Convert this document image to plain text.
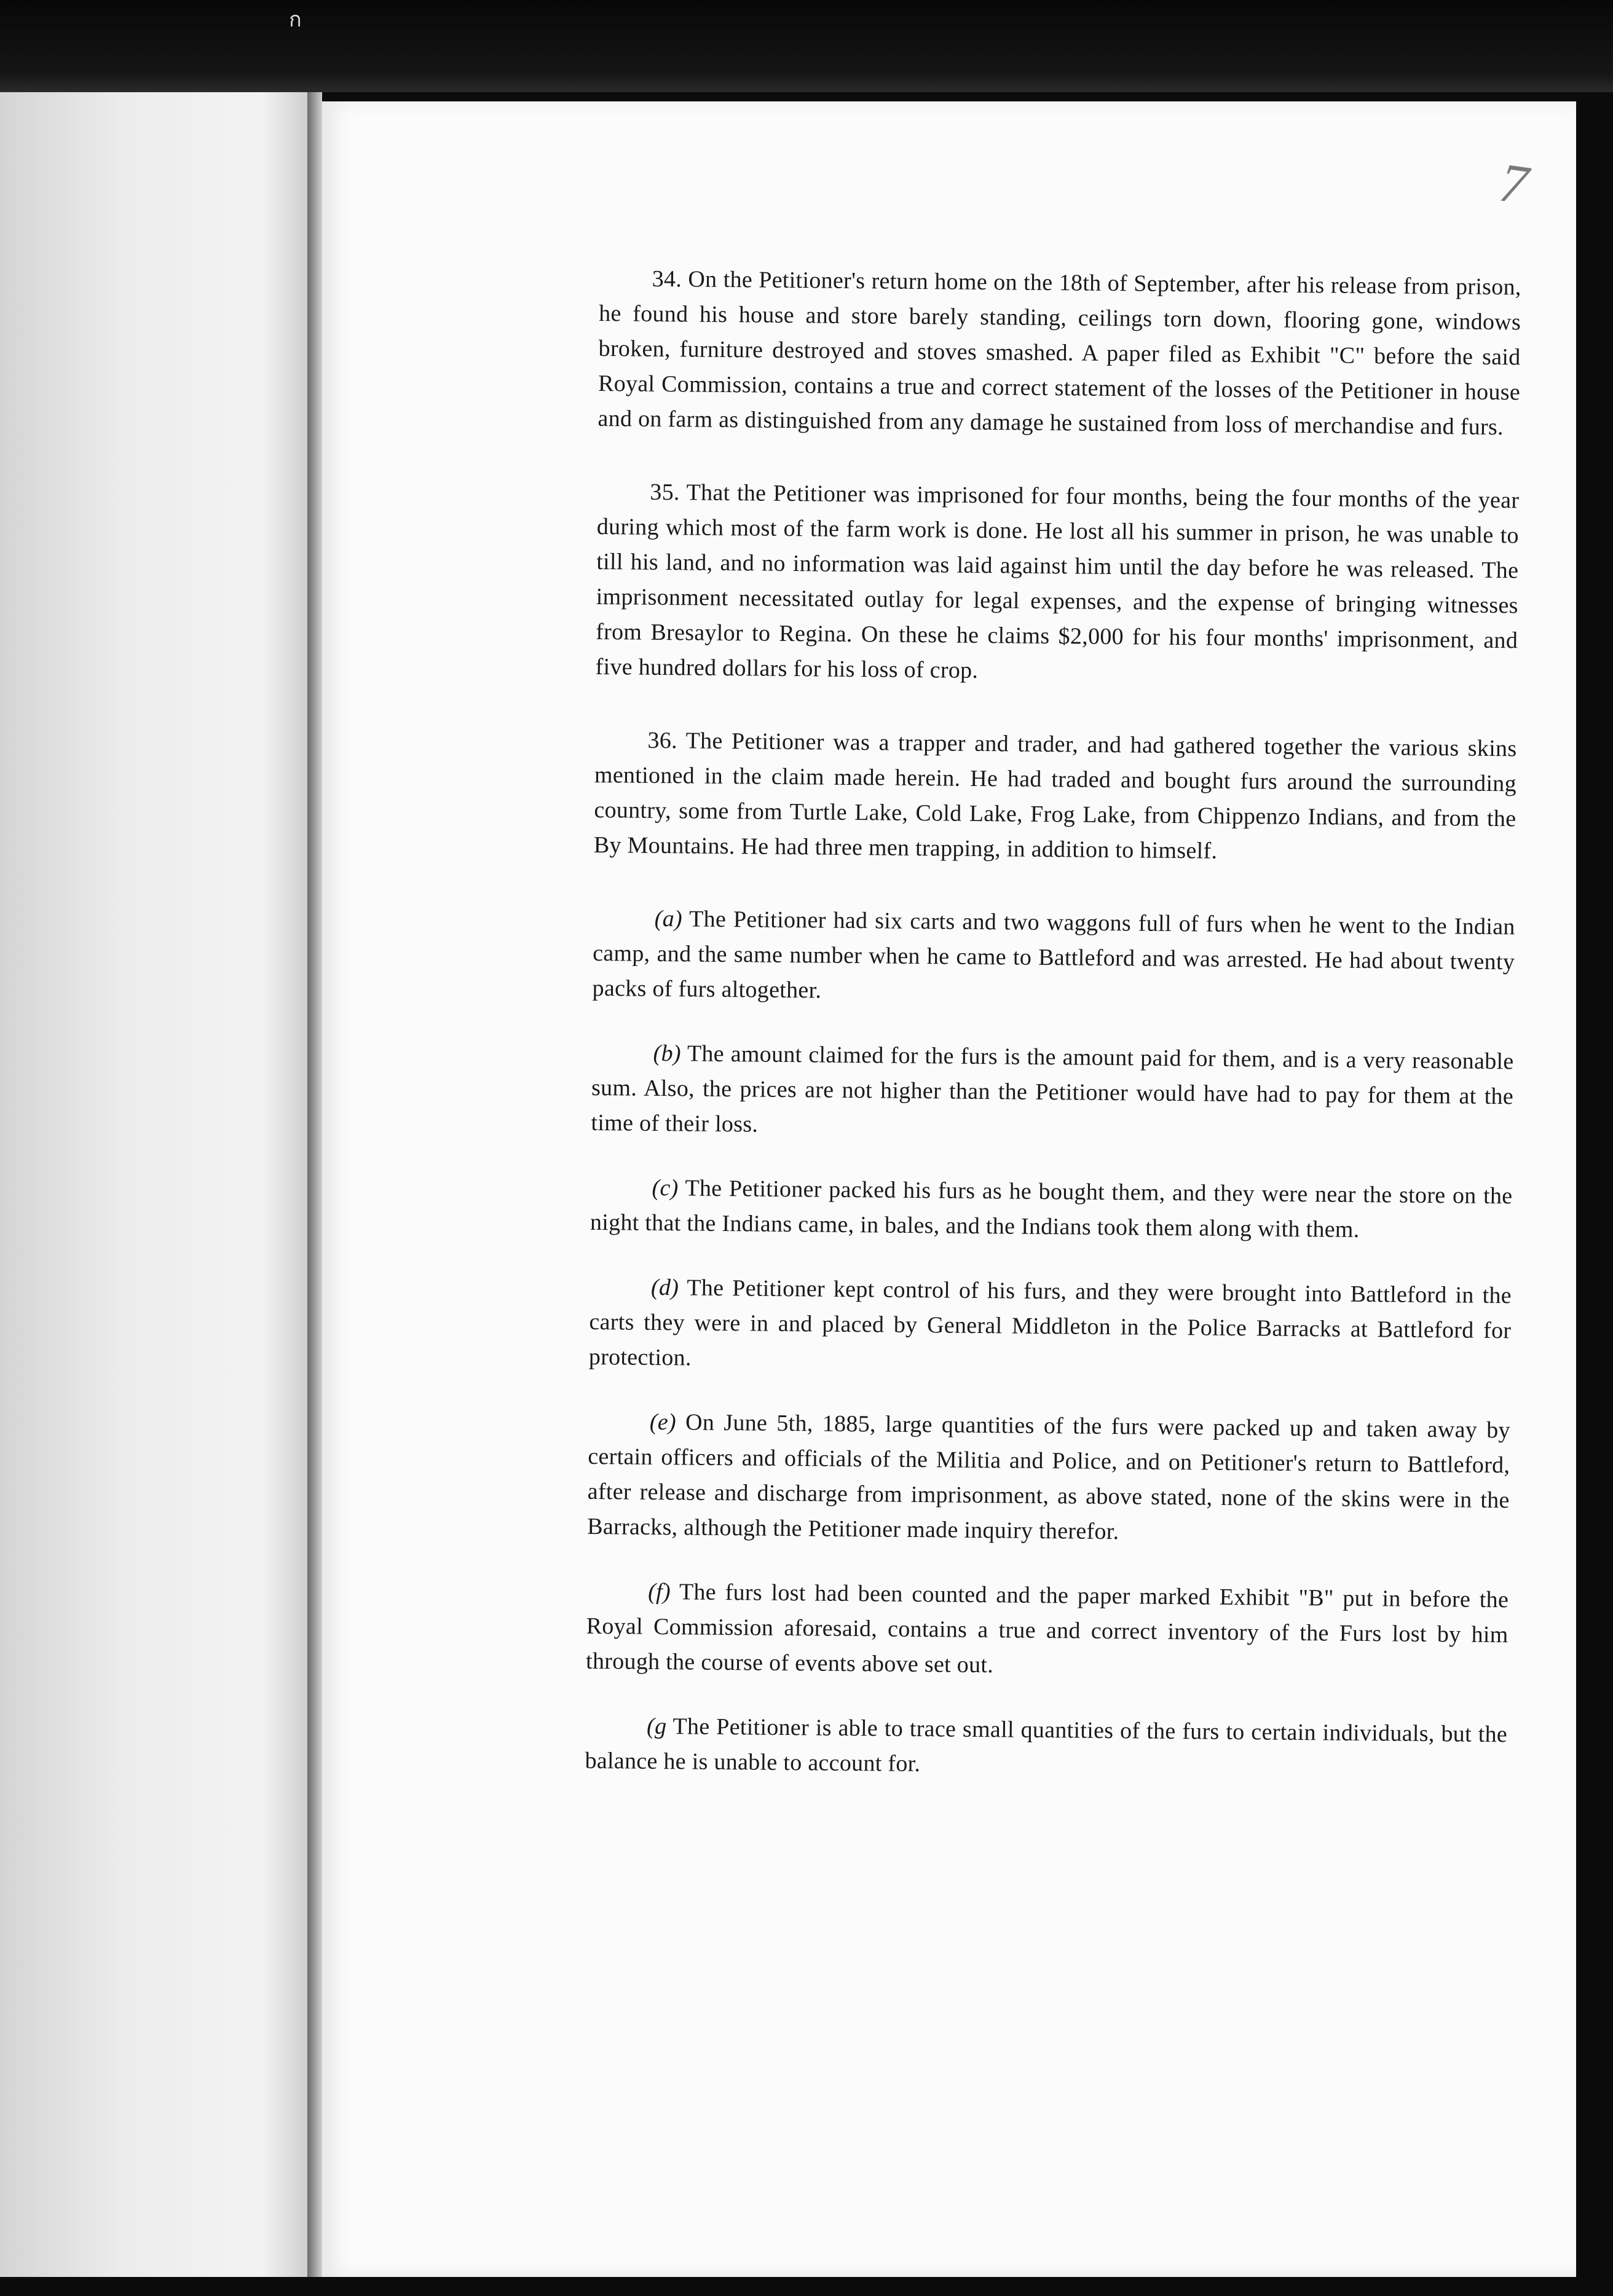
ก
7

34. On the Petitioner's return home on the 18th of September, after his release from prison, he found his house and store barely standing, ceilings torn down, flooring gone, windows broken, furniture destroyed and stoves smashed. A paper filed as Exhibit "C" before the said Royal Commission, contains a true and correct statement of the losses of the Petitioner in house and on farm as distinguished from any damage he sustained from loss of merchandise and furs.

35. That the Petitioner was imprisoned for four months, being the four months of the year during which most of the farm work is done. He lost all his summer in prison, he was unable to till his land, and no information was laid against him until the day before he was released. The imprisonment necessitated outlay for legal expenses, and the expense of bringing witnesses from Bresaylor to Regina. On these he claims $2,000 for his four months' imprisonment, and five hundred dollars for his loss of crop.

36. The Petitioner was a trapper and trader, and had gathered together the various skins mentioned in the claim made herein. He had traded and bought furs around the surrounding country, some from Turtle Lake, Cold Lake, Frog Lake, from Chippenzo Indians, and from the By Mountains. He had three men trapping, in addition to himself.

(a) The Petitioner had six carts and two waggons full of furs when he went to the Indian camp, and the same number when he came to Battleford and was arrested. He had about twenty packs of furs altogether.

(b) The amount claimed for the furs is the amount paid for them, and is a very reasonable sum. Also, the prices are not higher than the Petitioner would have had to pay for them at the time of their loss.

(c) The Petitioner packed his furs as he bought them, and they were near the store on the night that the Indians came, in bales, and the Indians took them along with them.

(d) The Petitioner kept control of his furs, and they were brought into Battleford in the carts they were in and placed by General Middleton in the Police Barracks at Battleford for protection.

(e) On June 5th, 1885, large quantities of the furs were packed up and taken away by certain officers and officials of the Militia and Police, and on Petitioner's return to Battleford, after release and discharge from imprisonment, as above stated, none of the skins were in the Barracks, although the Petitioner made inquiry therefor.

(f) The furs lost had been counted and the paper marked Exhibit "B" put in before the Royal Commission aforesaid, contains a true and correct inventory of the Furs lost by him through the course of events above set out.

(g The Petitioner is able to trace small quantities of the furs to certain individuals, but the balance he is unable to account for.
